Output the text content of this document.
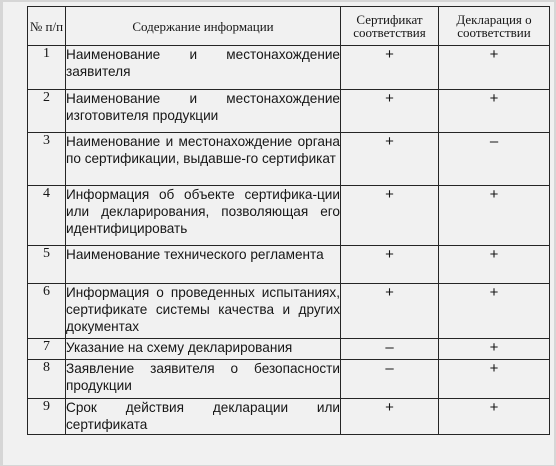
№ п/п	Содержание информации	Сертификат соответствия	Декларация о соответствии
1	Наименование и местонахождение заявителя	+	+
2	Наименование и местонахождение изготовителя продукции	+	+
3	Наименование и местонахождение органа по сертификации, выдавше-го сертификат	+	–
4	Информация об объекте сертифика-ции или декларирования, позволяющая его идентифицировать	+	+
5	Наименование технического регламента	+	+
6	Информация о проведенных испытаниях, сертификате системы качества и других документах	+	+
7	Указание на схему декларирования	–	+
8	Заявление заявителя о безопасности продукции	–	+
9	Срок действия декларации или сертификата	+	+
